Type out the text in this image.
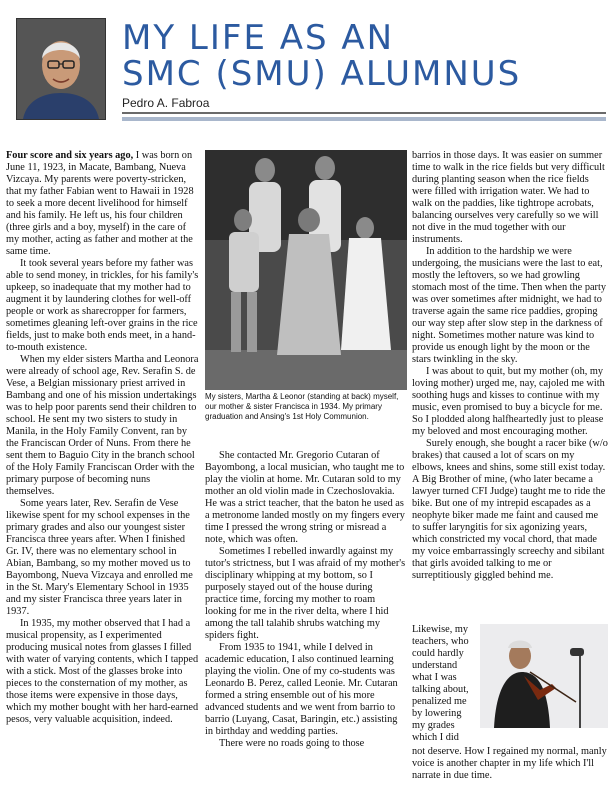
MY LIFE AS AN
SMC (SMU) ALUMNUS
Pedro A. Fabroa

Four score and six years ago, I was born on June 11, 1923, in Macate, Bambang, Nueva Vizcaya. My parents were poverty-stricken, that my father Fabian went to Hawaii in 1928 to seek a more decent livelihood for himself and his family. He left us, his four children (three girls and a boy, myself) in the care of my mother, acting as father and mother at the same time.

It took several years before my father was able to send money, in trickles, for his family's upkeep, so inadequate that my mother had to augment it by laundering clothes for well-off people or work as sharecropper for farmers, sometimes gleaning left-over grains in the rice fields, just to make both ends meet, in a hand-to-mouth existence.

When my elder sisters Martha and Leonora were already of school age, Rev. Serafin S. de Vese, a Belgian missionary priest arrived in Bambang and one of his mission undertakings was to help poor parents send their children to school. He sent my two sisters to study in Manila, in the Holy Family Convent, ran by the Franciscan Order of Nuns. From there he sent them to Baguio City in the branch school of the Holy Family Franciscan Order with the primary purpose of becoming nuns themselves.

Some years later, Rev. Serafin de Vese likewise spent for my school expenses in the primary grades and also our youngest sister Francisca three years after. When I finished Gr. IV, there was no elementary school in Abian, Bambang, so my mother moved us to Bayombong, Nueva Vizcaya and enrolled me in the St. Mary's Elementary School in 1935 and my sister Francisca three years later in 1937.

In 1935, my mother observed that I had a musical propensity, as I experimented producing musical notes from glasses I filled with water of varying contents, which I tapped with a stick. Most of the glasses broke into pieces to the consternation of my mother, as those items were expensive in those days, which my mother bought with her hard-earned pesos, very valuable acquisition, indeed.

My sisters, Martha & Leonor (standing at back) myself, our mother & sister Francisca in 1934. My primary graduation and Ansing's 1st Holy Communion.

She contacted Mr. Gregorio Cutaran of Bayombong, a local musician, who taught me to play the violin at home. Mr. Cutaran sold to my mother an old violin made in Czechoslovakia. He was a strict teacher, that the baton he used as a metronome landed mostly on my fingers every time I pressed the wrong string or misread a note, which was often.

Sometimes I rebelled inwardly against my tutor's strictness, but I was afraid of my mother's disciplinary whipping at my bottom, so I purposely stayed out of the house during practice time, forcing my mother to roam looking for me in the river delta, where I hid among the tall talahib shrubs watching my spiders fight.

From 1935 to 1941, while I delved in academic education, I also continued learning playing the violin. One of my co-students was Leonardo B. Perez, called Leonie. Mr. Cutaran formed a string ensemble out of his more advanced students and we went from barrio to barrio (Luyang, Casat, Baringin, etc.) assisting in birthday and wedding parties.

There were no roads going to those

barrios in those days. It was easier on summer time to walk in the rice fields but very difficult during planting season when the rice fields were filled with irrigation water. We had to walk on the paddies, like tightrope acrobats, balancing ourselves very carefully so we will not dive in the mud together with our instruments.

In addition to the hardship we were undergoing, the musicians were the last to eat, mostly the leftovers, so we had growling stomach most of the time. Then when the party was over sometimes after midnight, we had to traverse again the same rice paddies, groping our way step after slow step in the darkness of night. Sometimes mother nature was kind to provide us enough light by the moon or the stars twinkling in the sky.

I was about to quit, but my mother (oh, my loving mother) urged me, nay, cajoled me with soothing hugs and kisses to continue with my music, even promised to buy a bicycle for me. So I plodded along halfheartedly just to please my beloved and most encouraging mother.

Surely enough, she bought a racer bike (w/o brakes) that caused a lot of scars on my elbows, knees and shins, some still exist today. A Big Brother of mine, (who later became a lawyer turned CFI Judge) taught me to ride the bike. But one of my intrepid escapades as a neophyte biker made me faint and caused me to suffer laryngitis for six agonizing years, which constricted my vocal chord, that made my voice embarrassingly screechy and sibilant that girls avoided talking to me or surreptitiously giggled behind me.

Likewise, my
teachers, who
could hardly
understand
what I was
talking about,
penalized me
by lowering
my grades
which I did
not deserve. How I regained my normal, manly voice is another chapter in my life which I'll narrate in due time.
